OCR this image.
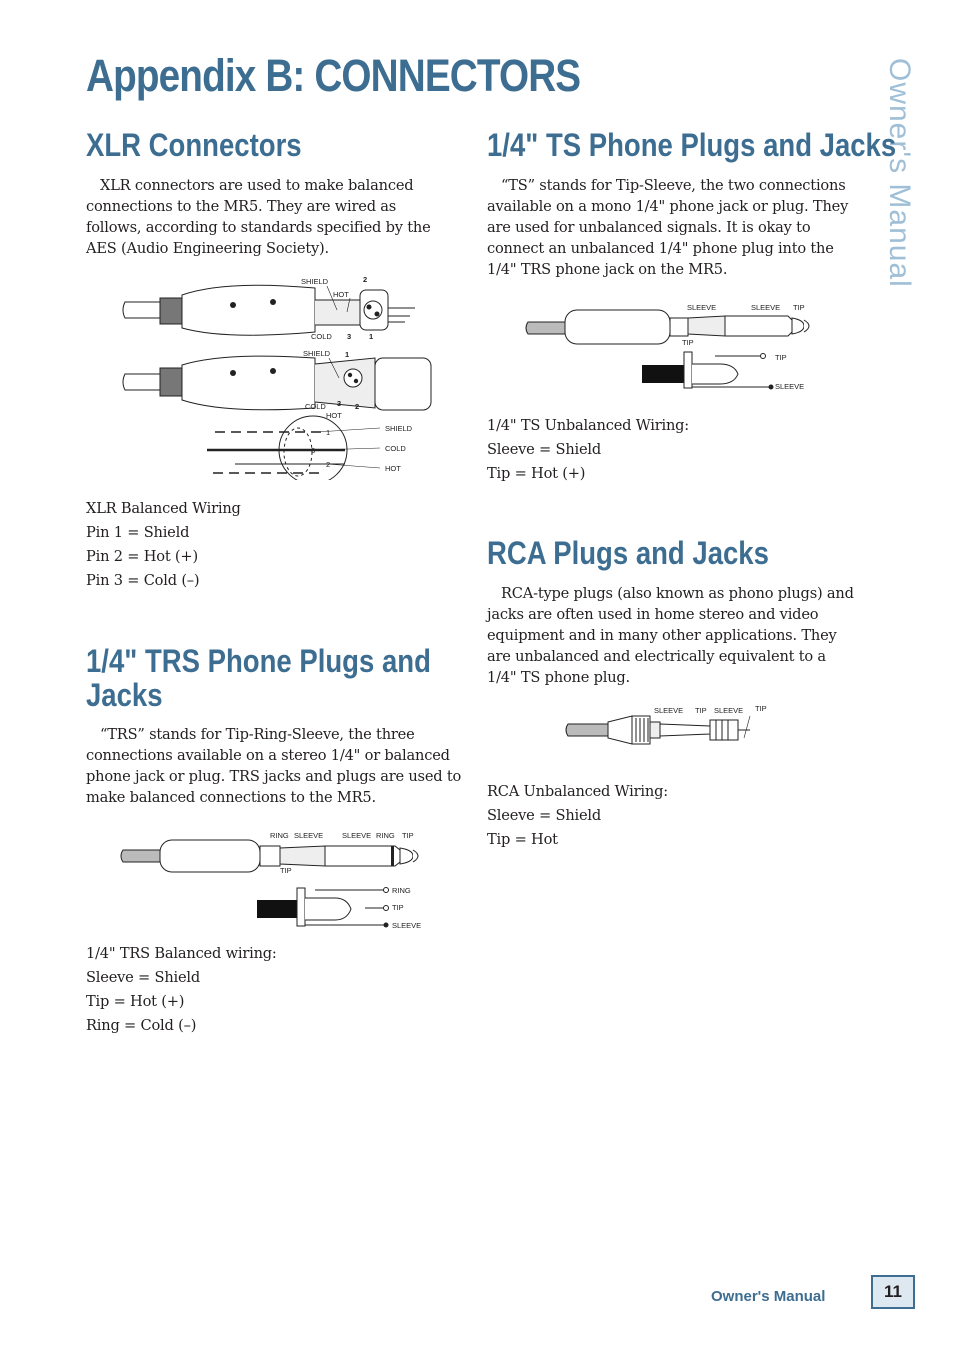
Appendix B: CONNECTORS	Owner's Manual
XLR Connectors
XLR connectors are used to make balanced connections to the MR5. They are wired as follows, according to standards specified by the AES (Audio Engineering Society).
SHIELD
HOT
COLD
2
3 1
SHIELD 1
COLD 3 2
HOT
1
3
2
SHIELD
COLD
HOT
XLR Balanced Wiring
Pin 1 = Shield
Pin 2 = Hot (+)
Pin 3 = Cold (–)
1/4" TRS Phone Plugs and
Jacks
“TRS” stands for Tip-Ring-Sleeve, the three connections available on a stereo 1/4" or balanced phone jack or plug. TRS jacks and plugs are used to make balanced connections to the MR5.
RING SLEEVE	SLEEVE RING TIP
TIP
RING
TIP
SLEEVE
1/4" TRS Balanced wiring:
Sleeve = Shield
Tip = Hot (+)
Ring = Cold (–)
1/4" TS Phone Plugs and Jacks
“TS” stands for Tip-Sleeve, the two connections available on a mono 1/4" phone jack or plug. They are used for unbalanced signals. It is okay to connect an unbalanced 1/4" phone plug into the 1/4" TRS phone jack on the MR5.
SLEEVE	SLEEVE TIP
TIP
TIP
SLEEVE
1/4" TS Unbalanced Wiring:
Sleeve = Shield
Tip = Hot (+)
RCA Plugs and Jacks
RCA-type plugs (also known as phono plugs) and jacks are often used in home stereo and video equipment and in many other applications. They are unbalanced and electrically equivalent to a 1/4" TS phone plug.
SLEEVE TIP SLEEVE TIP
RCA Unbalanced Wiring:
Sleeve = Shield
Tip = Hot
Owner's Manual	11
